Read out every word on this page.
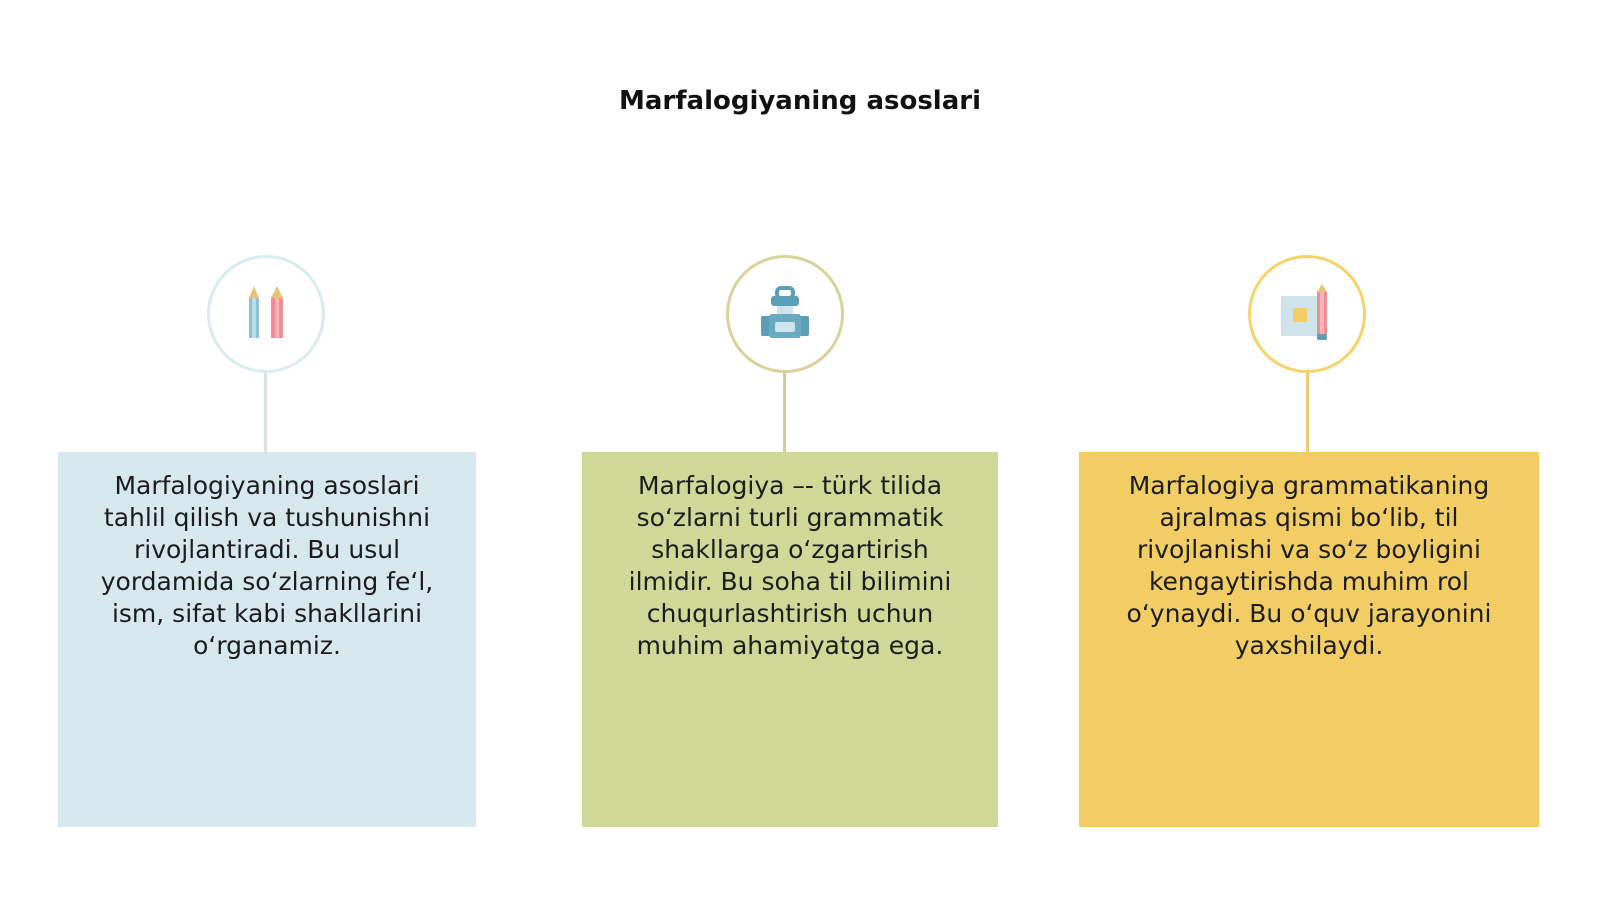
Marfalogiyaning asoslari
Marfalogiyaning asoslari tahlil qilish va tushunishni rivojlantiradi. Bu usul yordamida so‘zlarning fe‘l, ism, sifat kabi shakllarini o‘rganamiz.
Marfalogiya –- türk tilida so‘zlarni turli grammatik shakllarga o‘zgartirish ilmidir. Bu soha til bilimini chuqurlashtirish uchun muhim ahamiyatga ega.
Marfalogiya grammatikaning ajralmas qismi bo‘lib, til rivojlanishi va so‘z boyligini kengaytirishda muhim rol o‘ynaydi. Bu o‘quv jarayonini yaxshilaydi.
